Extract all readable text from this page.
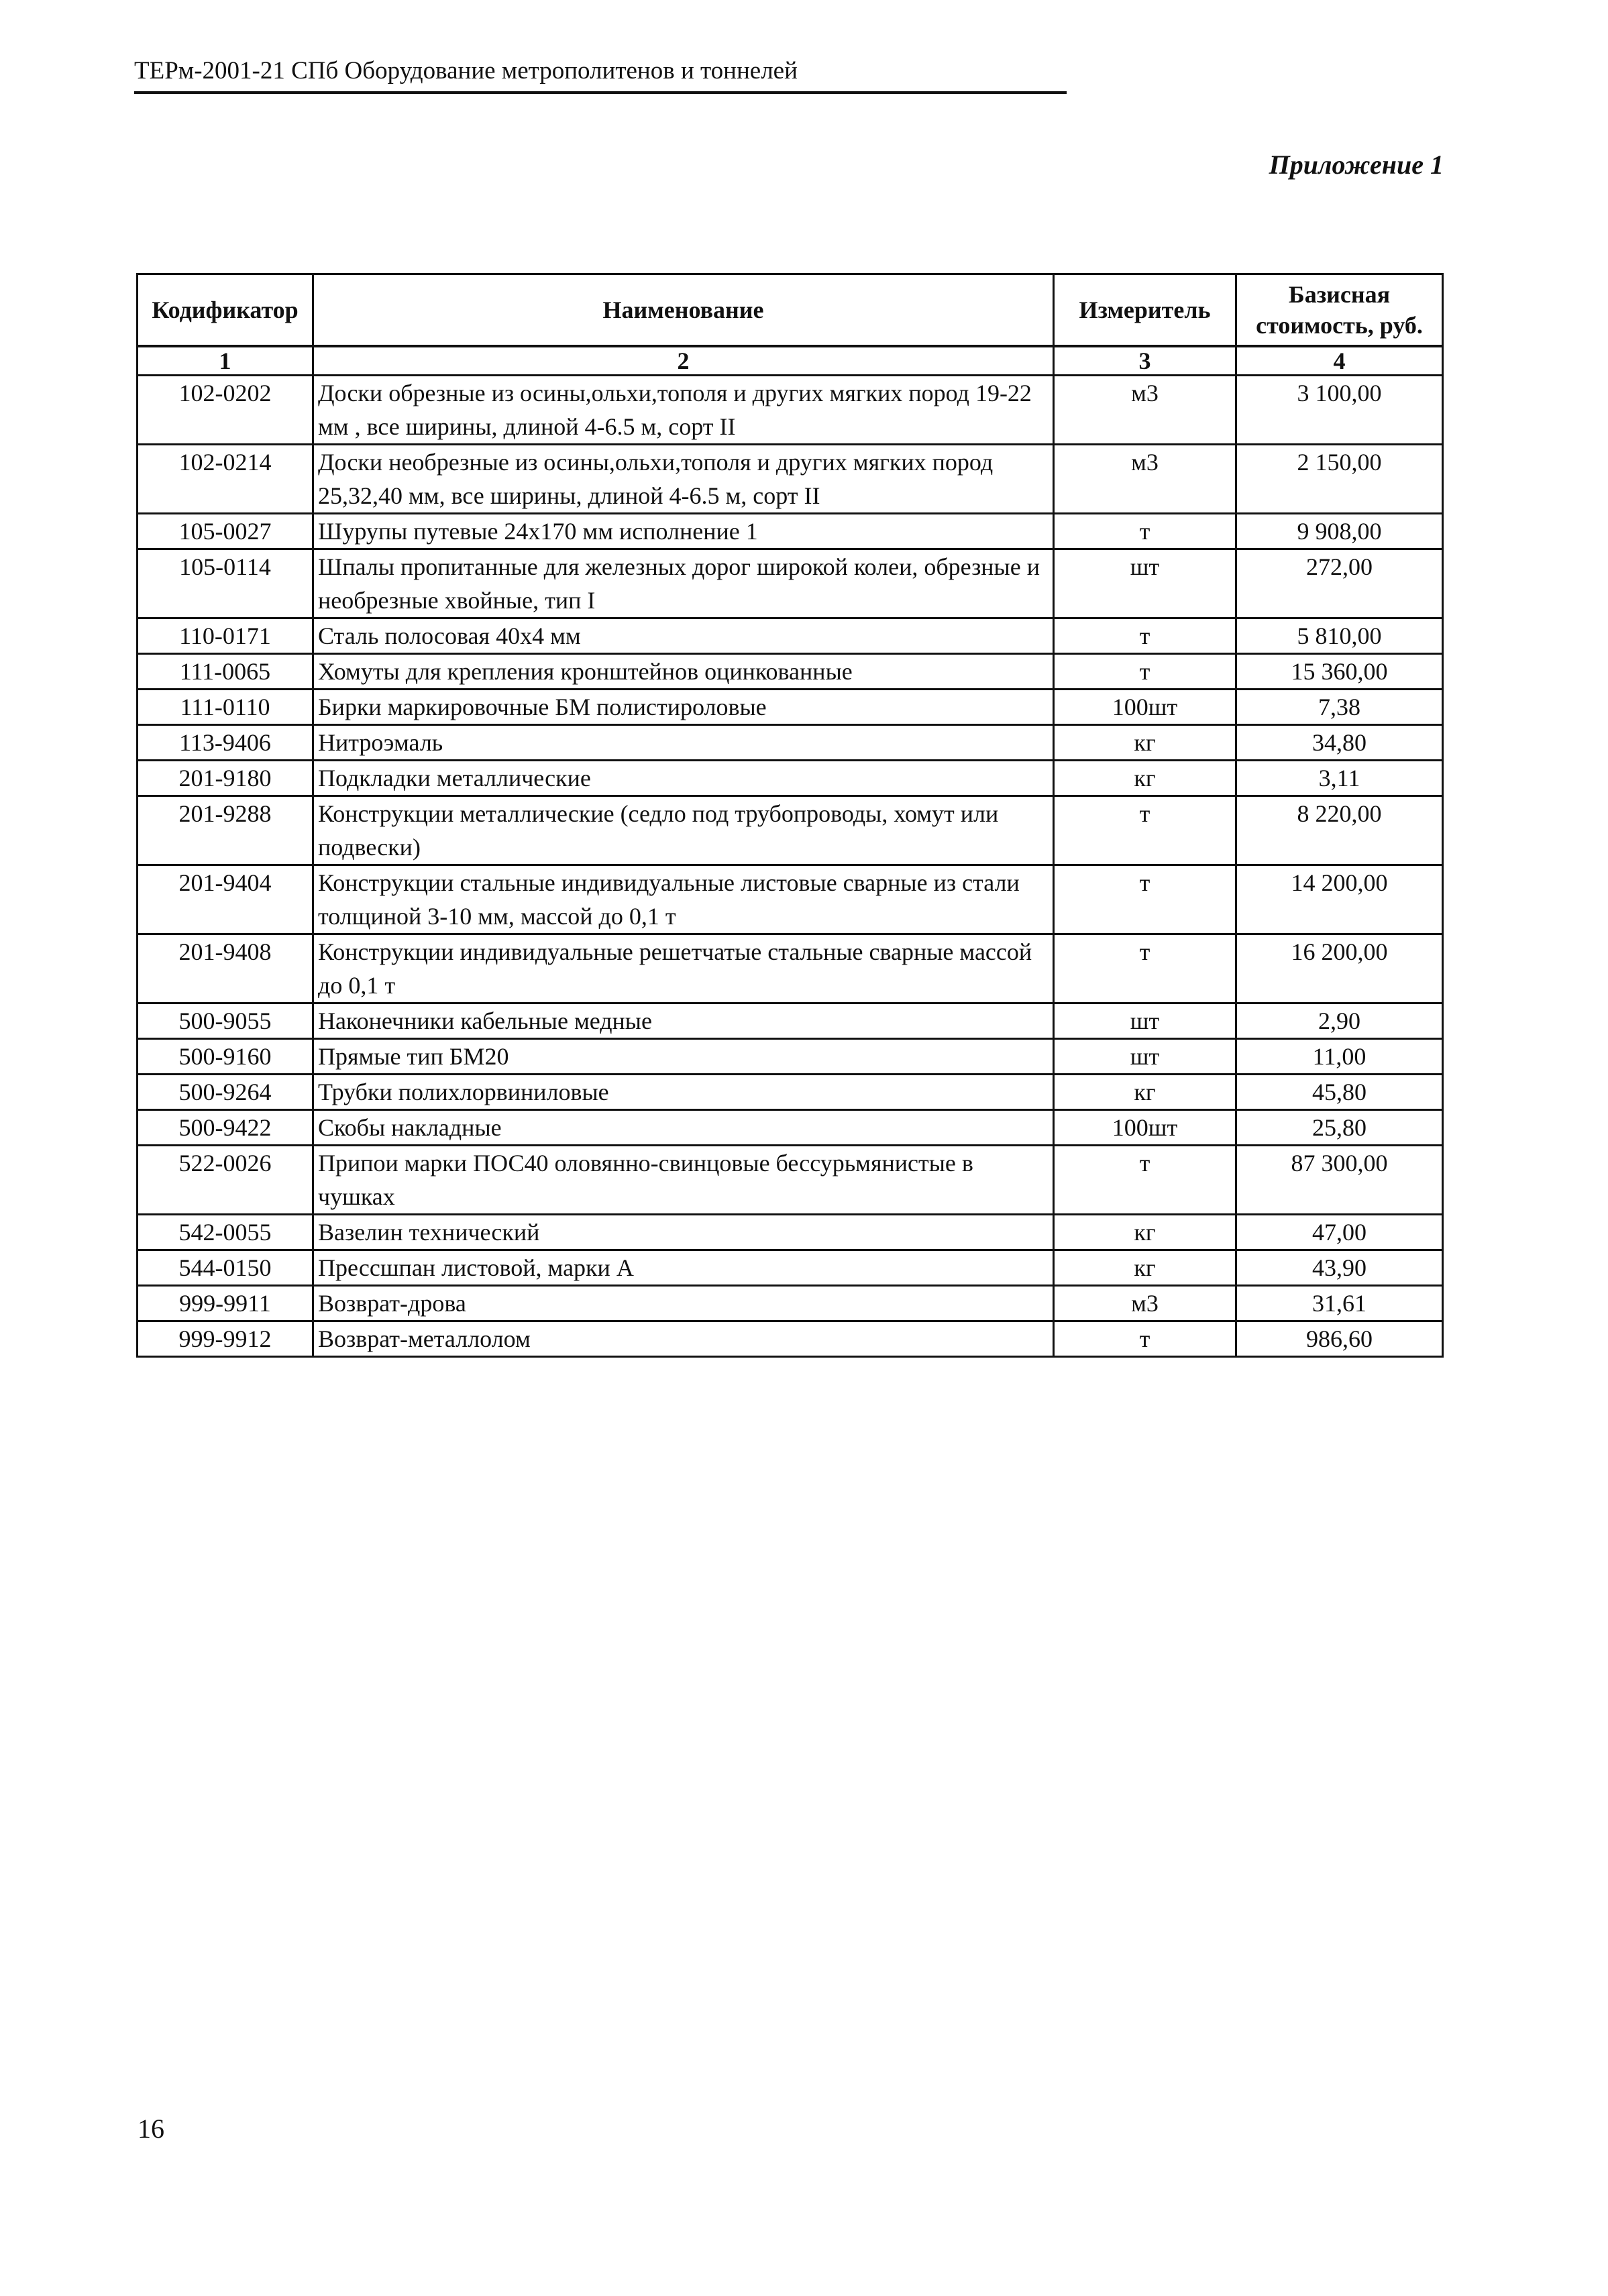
ТЕРм-2001-21 СПб Оборудование метрополитенов и тоннелей
Приложение 1
Кодификатор	Наименование	Измеритель	Базисная стоимость, руб.
1	2	3	4
102-0202	Доски обрезные из осины,ольхи,тополя и других мягких пород 19-22 мм , все ширины, длиной 4-6.5 м, сорт II	м3	3 100,00
102-0214	Доски необрезные из осины,ольхи,тополя и других мягких пород 25,32,40 мм, все ширины, длиной 4-6.5 м, сорт II	м3	2 150,00
105-0027	Шурупы путевые 24х170 мм исполнение 1	т	9 908,00
105-0114	Шпалы пропитанные для железных дорог широкой колеи, обрезные и необрезные хвойные, тип I	шт	272,00
110-0171	Сталь полосовая 40х4 мм	т	5 810,00
111-0065	Хомуты для крепления кронштейнов оцинкованные	т	15 360,00
111-0110	Бирки маркировочные БМ полистироловые	100шт	7,38
113-9406	Нитроэмаль	кг	34,80
201-9180	Подкладки металлические	кг	3,11
201-9288	Конструкции металлические (седло под трубопроводы, хомут или подвески)	т	8 220,00
201-9404	Конструкции стальные индивидуальные листовые сварные из стали толщиной 3-10 мм, массой до 0,1 т	т	14 200,00
201-9408	Конструкции индивидуальные решетчатые стальные сварные массой до 0,1 т	т	16 200,00
500-9055	Наконечники кабельные медные	шт	2,90
500-9160	Прямые тип БМ20	шт	11,00
500-9264	Трубки полихлорвиниловые	кг	45,80
500-9422	Скобы накладные	100шт	25,80
522-0026	Припои марки ПОС40 оловянно-свинцовые бессурьмянистые в чушках	т	87 300,00
542-0055	Вазелин технический	кг	47,00
544-0150	Прессшпан листовой, марки А	кг	43,90
999-9911	Возврат-дрова	м3	31,61
999-9912	Возврат-металлолом	т	986,60
16
